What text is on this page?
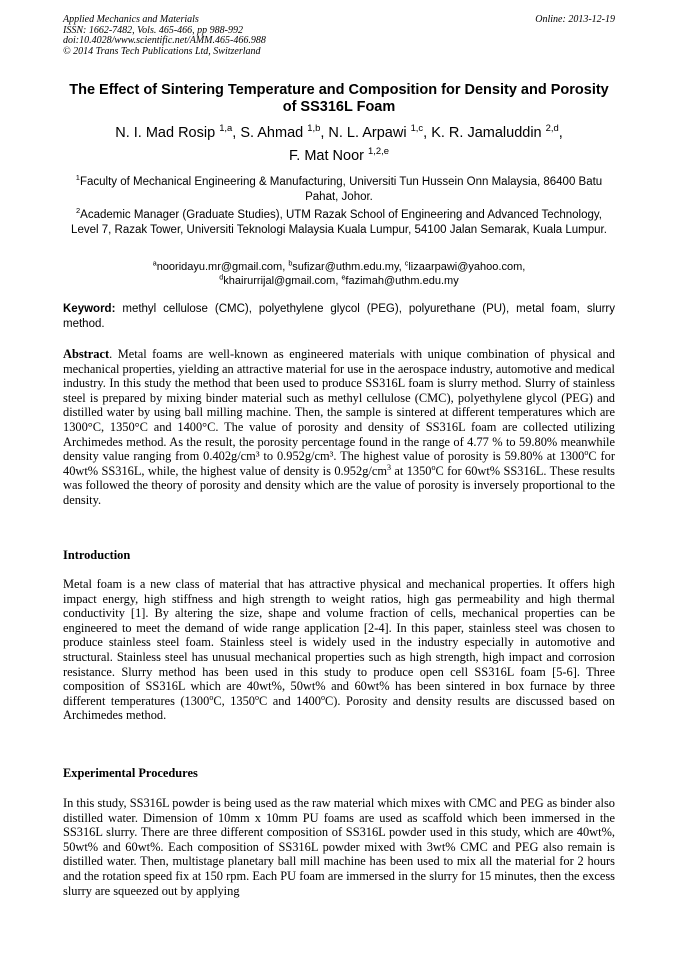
Applied Mechanics and Materials
ISSN: 1662-7482, Vols. 465-466, pp 988-992
doi:10.4028/www.scientific.net/AMM.465-466.988
© 2014 Trans Tech Publications Ltd, Switzerland
Online: 2013-12-19
The Effect of Sintering Temperature and Composition for Density and Porosity of SS316L Foam
N. I. Mad Rosip $^{1,a}$, S. Ahmad $^{1,b}$, N. L. Arpawi $^{1,c}$, K. R. Jamaluddin $^{2,d}$,
F. Mat Noor $^{1,2,e}$
$^1$Faculty of Mechanical Engineering & Manufacturing, Universiti Tun Hussein Onn Malaysia, 86400 Batu Pahat, Johor.
$^2$Academic Manager (Graduate Studies), UTM Razak School of Engineering and Advanced Technology, Level 7, Razak Tower, Universiti Teknologi Malaysia Kuala Lumpur, 54100 Jalan Semarak, Kuala Lumpur.
$^a$nooridayu.mr@gmail.com, $^b$sufizar@uthm.edu.my, $^c$lizaarpawi@yahoo.com,
$^d$khairurrijal@gmail.com, $^e$fazimah@uthm.edu.my
Keyword: methyl cellulose (CMC), polyethylene glycol (PEG), polyurethane (PU), metal foam, slurry method.
Abstract. Metal foams are well-known as engineered materials with unique combination of physical and mechanical properties, yielding an attractive material for use in the aerospace industry, automotive and medical industry. In this study the method that been used to produce SS316L foam is slurry method. Slurry of stainless steel is prepared by mixing binder material such as methyl cellulose (CMC), polyethylene glycol (PEG) and distilled water by using ball milling machine. Then, the sample is sintered at different temperatures which are 1300°C, 1350°C and 1400°C. The value of porosity and density of SS316L foam are collected utilizing Archimedes method. As the result, the porosity percentage found in the range of 4.77 % to 59.80% meanwhile density value ranging from 0.402g/cm³ to 0.952g/cm³. The highest value of porosity is 59.80% at 1300$^o$C for 40wt% SS316L, while, the highest value of density is $0.952g/cm^3$ at 1350$^o$C for 60wt% SS316L. These results was followed the theory of porosity and density which are the value of porosity is inversely proportional to the density.
Introduction
Metal foam is a new class of material that has attractive physical and mechanical properties. It offers high impact energy, high stiffness and high strength to weight ratios, high gas permeability and high thermal conductivity [1]. By altering the size, shape and volume fraction of cells, mechanical properties can be engineered to meet the demand of wide range application [2-4]. In this paper, stainless steel was chosen to produce stainless steel foam. Stainless steel is widely used in the industry especially in automotive and structural. Stainless steel has unusual mechanical properties such as high strength, high impact and corrosion resistance. Slurry method has been used in this study to produce open cell SS316L foam [5-6]. Three composition of SS316L which are 40wt%, 50wt% and 60wt% has been sintered in box furnace by three different temperatures (1300$^o$C, 1350$^o$C and 1400$^o$C). Porosity and density results are discussed based on Archimedes method.
Experimental Procedures
In this study, SS316L powder is being used as the raw material which mixes with CMC and PEG as binder also distilled water. Dimension of 10mm x 10mm PU foams are used as scaffold which been immersed in the SS316L slurry. There are three different composition of SS316L powder used in this study, which are 40wt%, 50wt% and 60wt%. Each composition of SS316L powder mixed with 3wt% CMC and PEG also remain is distilled water. Then, multistage planetary ball mill machine has been used to mix all the material for 2 hours and the rotation speed fix at 150 rpm. Each PU foam are immersed in the slurry for 15 minutes, then the excess slurry are squeezed out by applying
